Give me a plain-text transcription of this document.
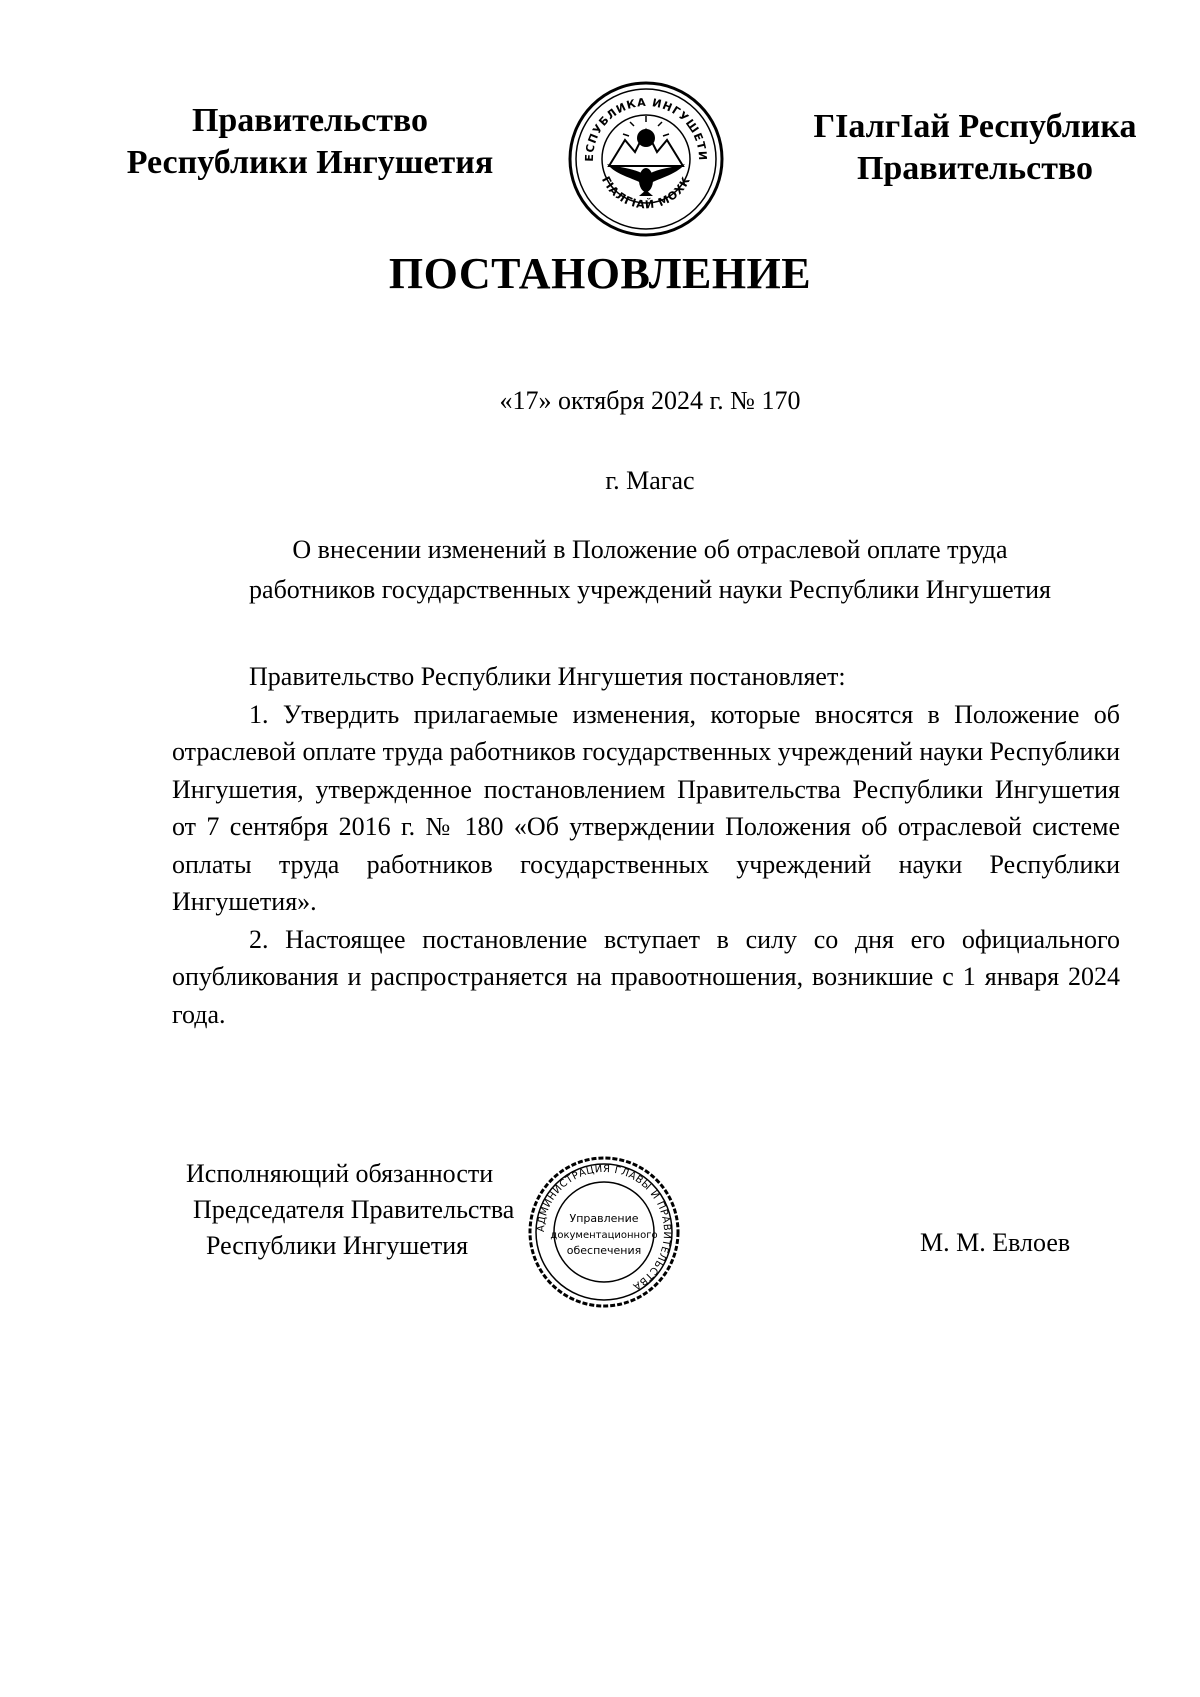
Правительство
Республики Ингушетия	ЕСПУБЛИКА ИНГУШЕТИ
ГIАЛГIАЙ МОХК
ГIалгIай Республика
Правительство
ПОСТАНОВЛЕНИЕ
«17» октября 2024 г. № 170
г. Магас
О внесении изменений в Положение об отраслевой оплате труда
работников государственных учреждений науки Республики Ингушетия

Правительство Республики Ингушетия постановляет:

1. Утвердить прилагаемые изменения, которые вносятся в Положение об отраслевой оплате труда работников государственных учреждений науки Республики Ингушетия, утвержденное постановлением Правительства Республики Ингушетия от 7 сентября 2016 г. № 180 «Об утверждении Положения об отраслевой системе оплаты труда работников государственных учреждений науки Республики Ингушетия».

2. Настоящее постановление вступает в силу со дня его официального опубликования и распространяется на правоотношения, возникшие с 1 января 2024 года.

Исполняющий обязанности
Председателя Правительства
Республики Ингушетия
АДМИНИСТРАЦИЯ ГЛАВЫ И ПРАВИТЕЛЬСТВА
Управление
документационного
обеспечения	М. М. Евлоев
